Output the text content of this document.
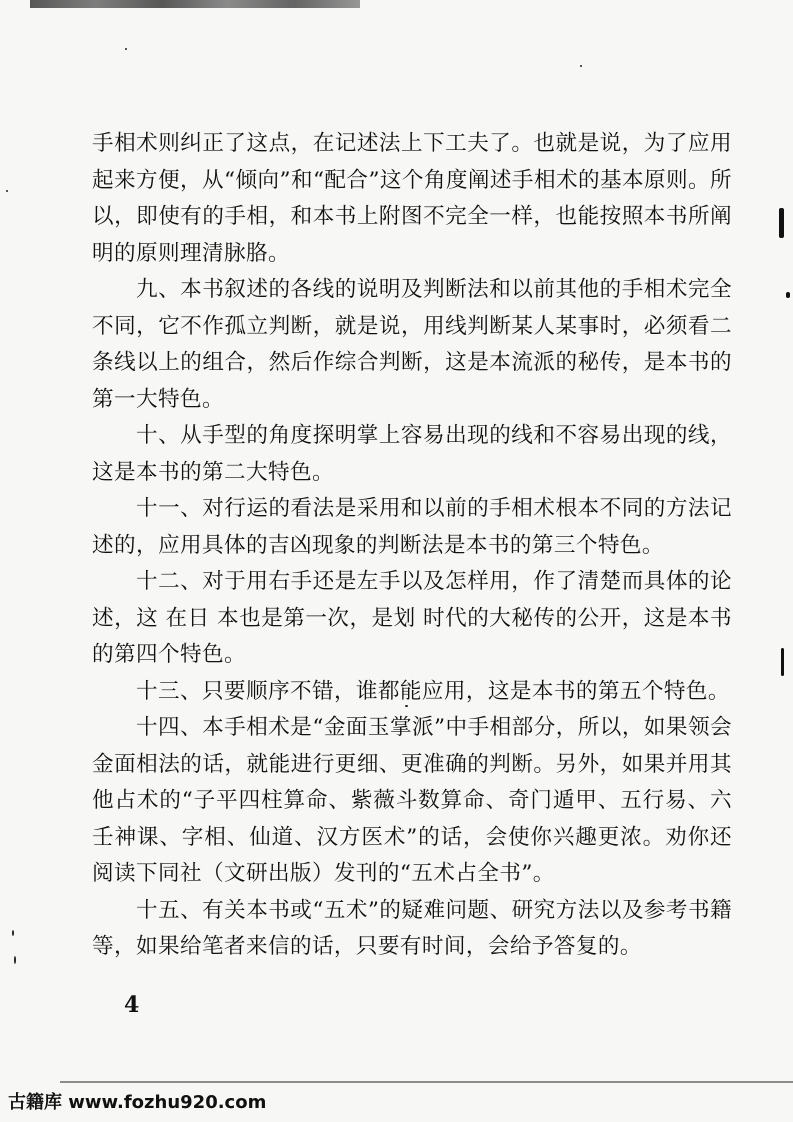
手相术则纠正了这点，在记述法上下工夫了。也就是说，为了应用起来方便，从“倾向”和“配合”这个角度阐述手相术的基本原则。所以，即使有的手相，和本书上附图不完全一样，也能按照本书所阐明的原则理清脉胳。

九、本书叙述的各线的说明及判断法和以前其他的手相术完全不同，它不作孤立判断，就是说，用线判断某人某事时，必须看二条线以上的组合，然后作综合判断，这是本流派的秘传，是本书的第一大特色。

十、从手型的角度探明掌上容易出现的线和不容易出现的线，这是本书的第二大特色。

十一、对行运的看法是采用和以前的手相术根本不同的方法记述的，应用具体的吉凶现象的判断法是本书的第三个特色。

十二、对于用右手还是左手以及怎样用，作了清楚而具体的论述，这 在日 本也是第一次，是划 时代的大秘传的公开，这是本书的第四个特色。

十三、只要顺序不错，谁都能应用，这是本书的第五个特色。

十四、本手相术是“金面玉掌派”中手相部分，所以，如果领会金面相法的话，就能进行更细、更准确的判断。另外，如果并用其他占术的“子平四柱算命、紫薇斗数算命、奇门遁甲、五行易、六壬神课、字相、仙道、汉方医术”的话，会使你兴趣更浓。劝你还阅读下同社（文研出版）发刊的“五术占全书”。

十五、有关本书或“五术”的疑难问题、研究方法以及参考书籍等，如果给笔者来信的话，只要有时间，会给予答复的。

4
古籍库 www.fozhu920.com
